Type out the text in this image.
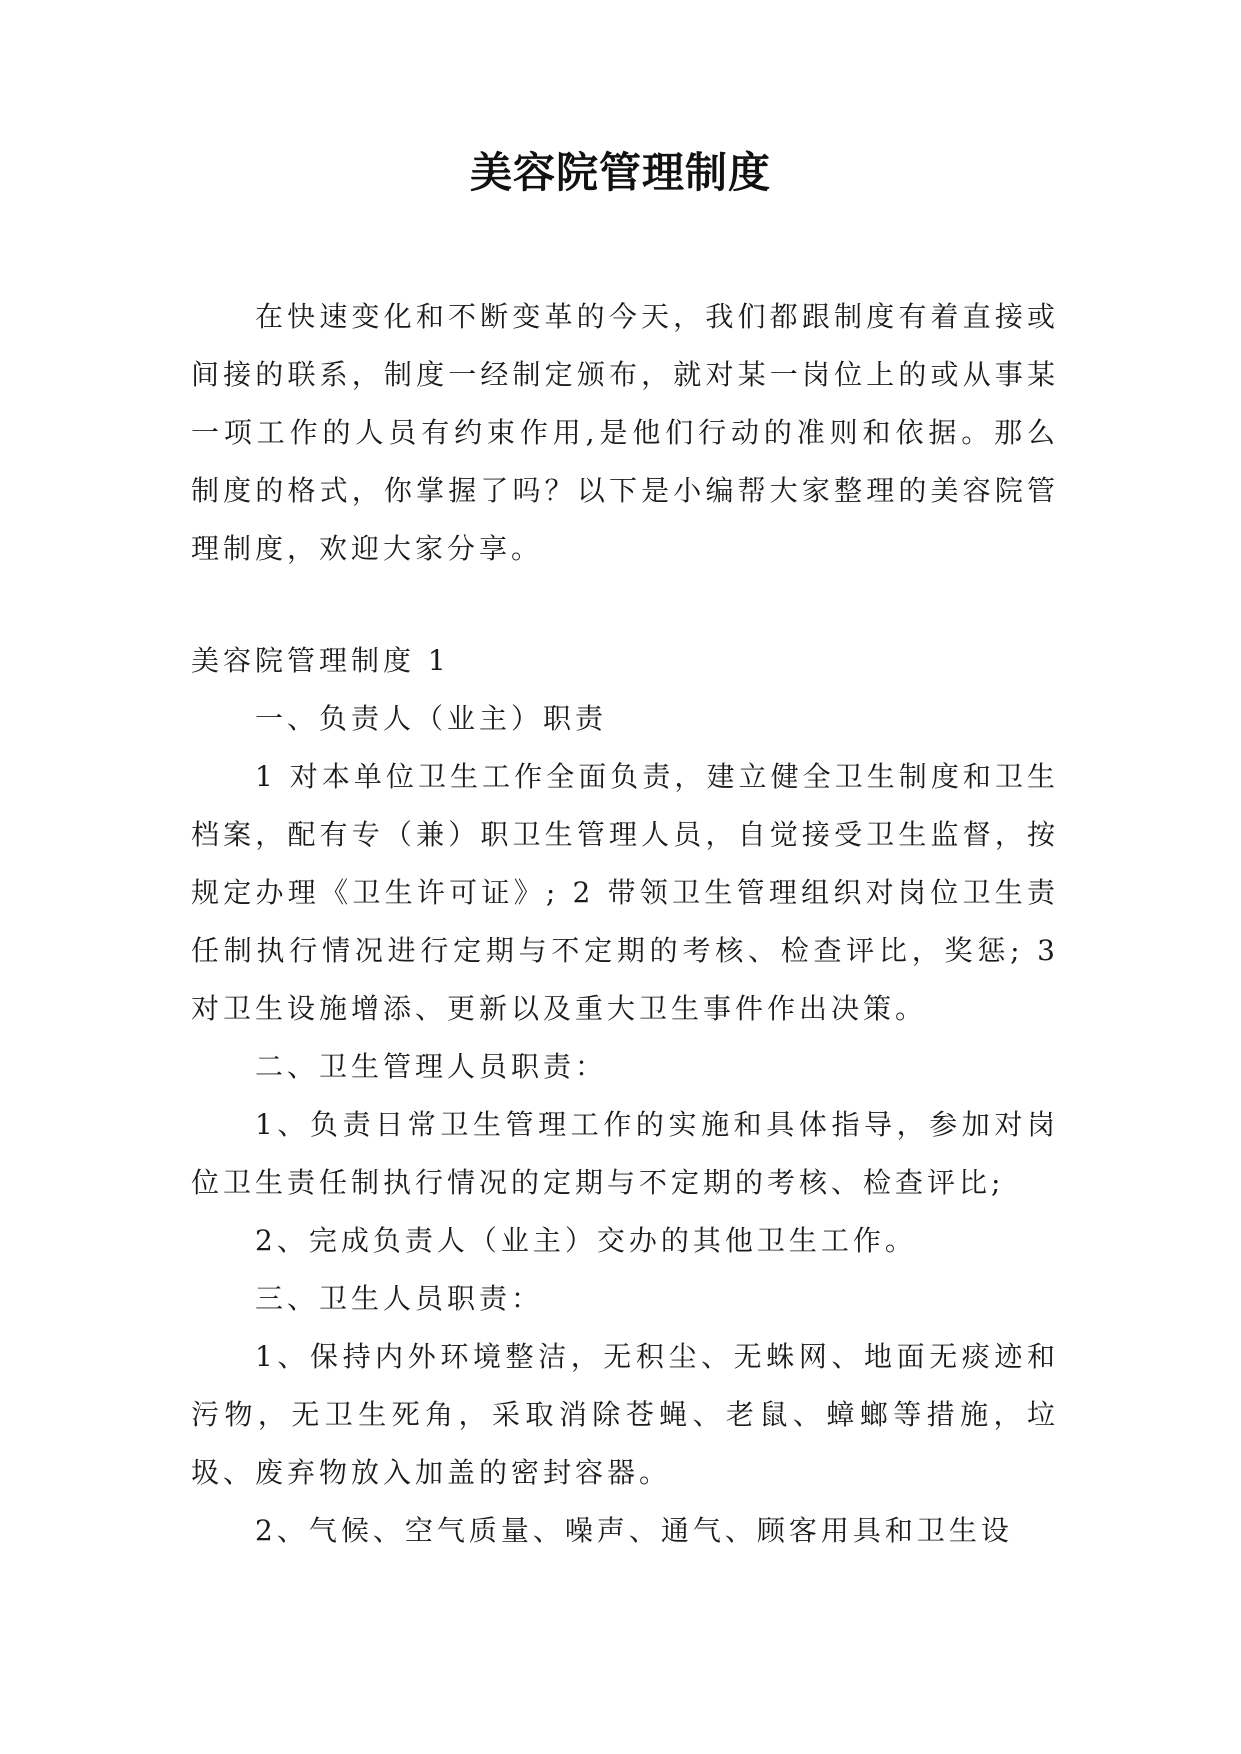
美容院管理制度

在快速变化和不断变革的今天，我们都跟制度有着直接或间接的联系，制度一经制定颁布，就对某一岗位上的或从事某一项工作的人员有约束作用,是他们行动的准则和依据。那么制度的格式，你掌握了吗？以下是小编帮大家整理的美容院管理制度，欢迎大家分享。

美容院管理制度 1

一、负责人（业主）职责

1 对本单位卫生工作全面负责，建立健全卫生制度和卫生档案，配有专（兼）职卫生管理人员，自觉接受卫生监督，按规定办理《卫生许可证》; 2 带领卫生管理组织对岗位卫生责任制执行情况进行定期与不定期的考核、检查评比，奖惩; 3 对卫生设施增添、更新以及重大卫生事件作出决策。

二、卫生管理人员职责：

1、负责日常卫生管理工作的实施和具体指导，参加对岗位卫生责任制执行情况的定期与不定期的考核、检查评比;

2、完成负责人（业主）交办的其他卫生工作。

三、卫生人员职责：

1、保持内外环境整洁，无积尘、无蛛网、地面无痰迹和污物，无卫生死角，采取消除苍蝇、老鼠、蟑螂等措施，垃圾、废弃物放入加盖的密封容器。

2、气候、空气质量、噪声、通气、顾客用具和卫生设
